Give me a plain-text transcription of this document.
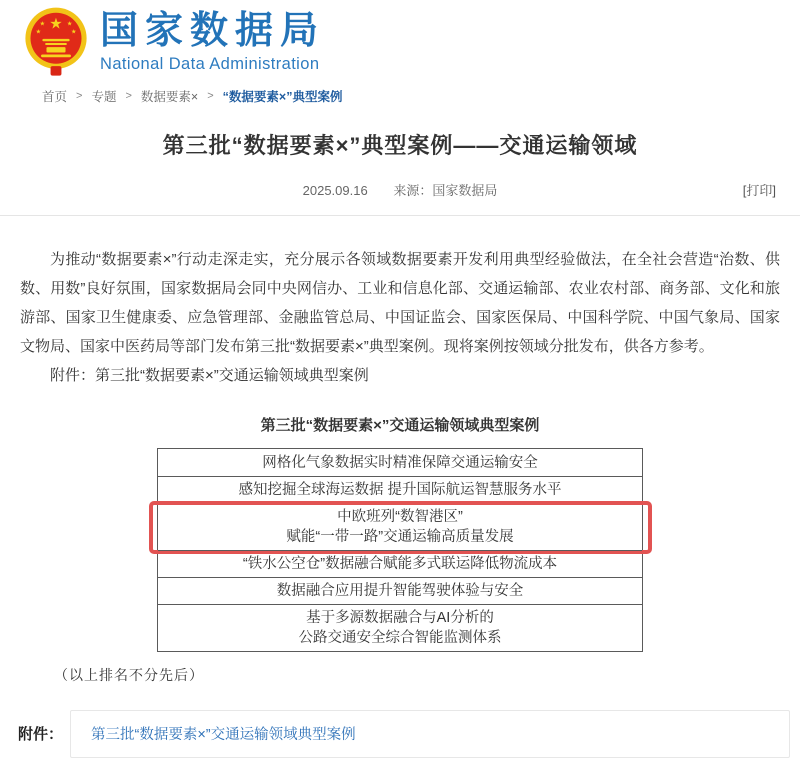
★
★ ★
★	★ 国家数据局
National Data Administration
首页 > 专题 > 数据要素× > “数据要素×”典型案例
第三批“数据要素×”典型案例——交通运输领域
2025.09.16 来源：国家数据局	[打印]

为推动“数据要素×”行动走深走实，充分展示各领域数据要素开发利用典型经验做法，在全社会营造“治数、供数、用数”良好氛围，国家数据局会同中央网信办、工业和信息化部、交通运输部、农业农村部、商务部、文化和旅游部、国家卫生健康委、应急管理部、金融监管总局、中国证监会、国家医保局、中国科学院、中国气象局、国家文物局、国家中医药局等部门发布第三批“数据要素×”典型案例。现将案例按领域分批发布，供各方参考。

附件：第三批“数据要素×”交通运输领域典型案例

第三批“数据要素×”交通运输领域典型案例
网格化气象数据实时精准保障交通运输安全
感知挖掘全球海运数据 提升国际航运智慧服务水平
中欧班列“数智港区”
赋能“一带一路”交通运输高质量发展
“铁水公空仓”数据融合赋能多式联运降低物流成本
数据融合应用提升智能驾驶体验与安全
基于多源数据融合与AI分析的
公路交通安全综合智能监测体系
（以上排名不分先后）
附件：	第三批“数据要素×”交通运输领域典型案例
